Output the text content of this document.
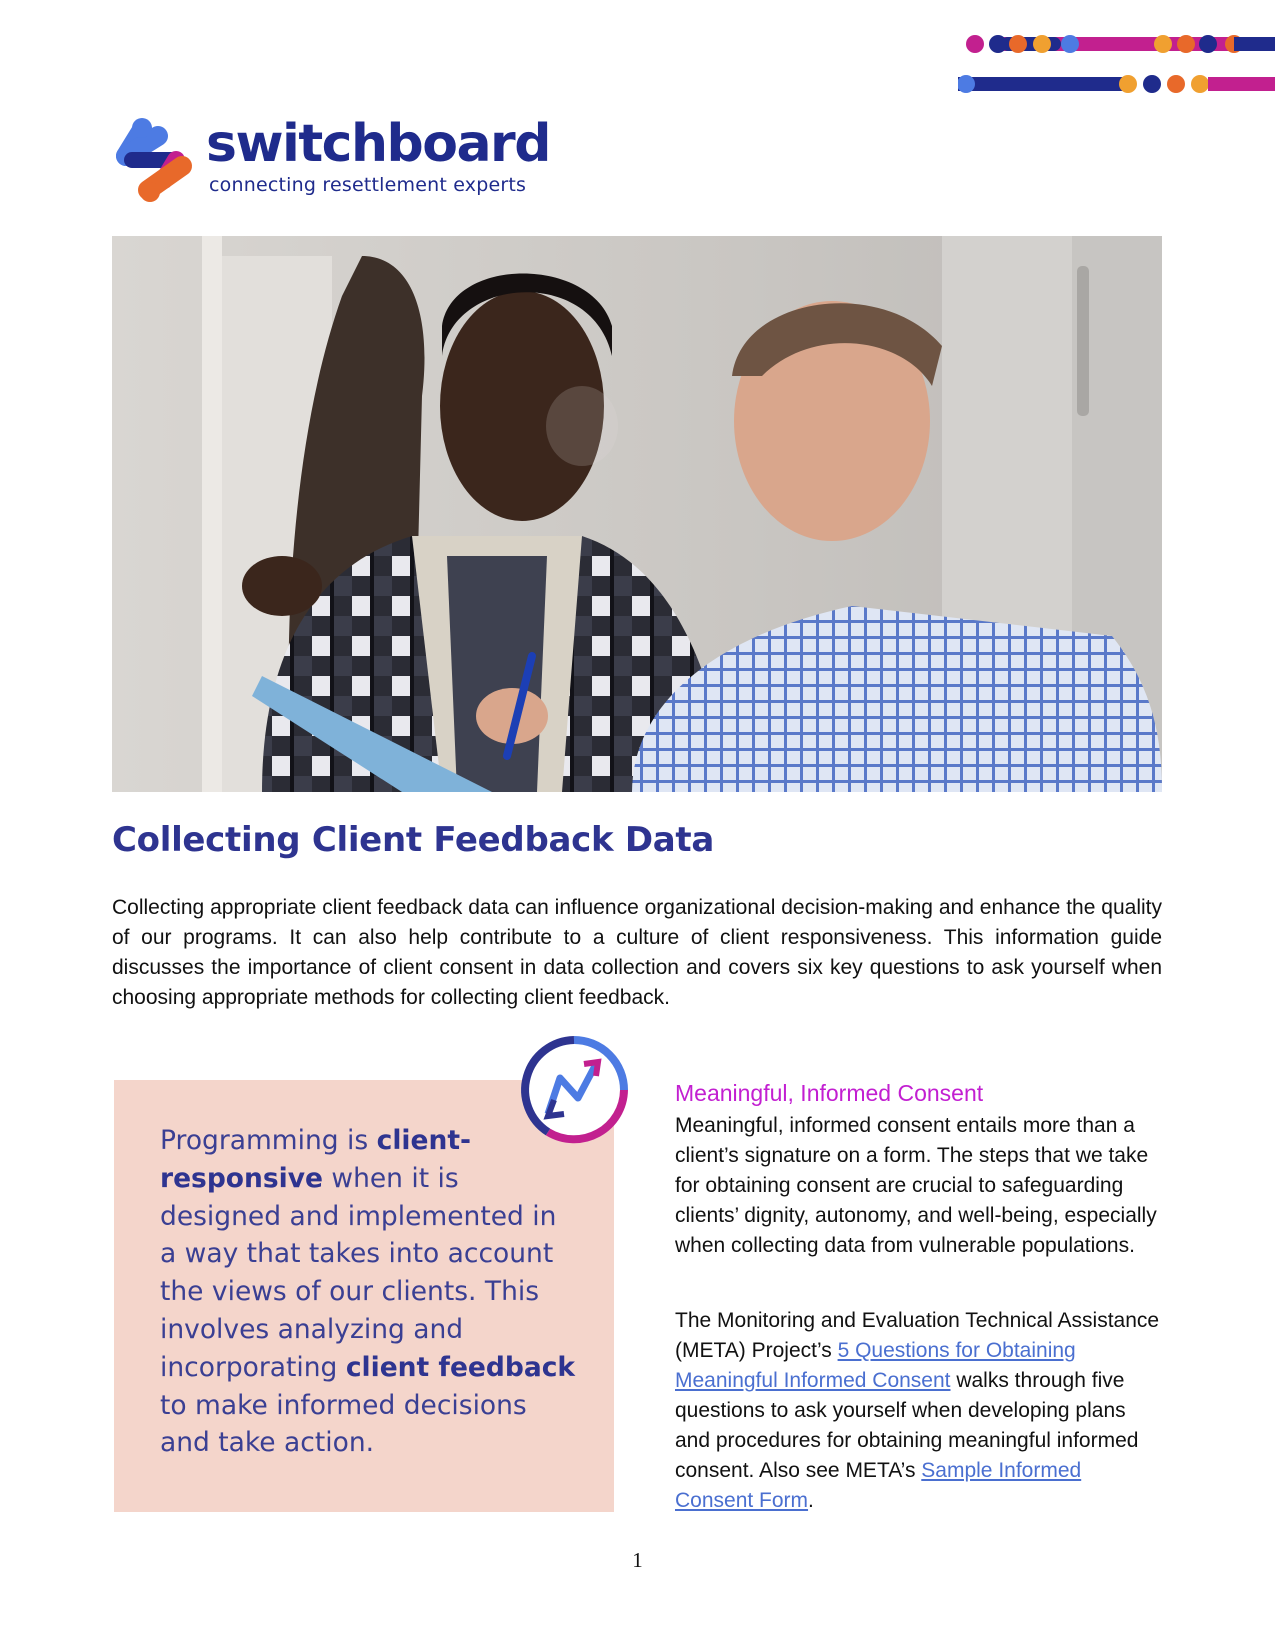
switchboard
connecting resettlement experts
Collecting Client Feedback Data

Collecting appropriate client feedback data can influence organizational decision-making and enhance the quality of our programs. It can also help contribute to a culture of client responsiveness. This information guide discusses the importance of client consent in data collection and covers six key questions to ask yourself when choosing appropriate methods for collecting client feedback.

Programming is client-responsive when it is designed and implemented in a way that takes into account the views of our clients. This involves analyzing and incorporating client feedback to make informed decisions and take action.

Meaningful, Informed Consent

Meaningful, informed consent entails more than a client’s signature on a form. The steps that we take for obtaining consent are crucial to safeguarding clients’ dignity, autonomy, and well-being, especially when collecting data from vulnerable populations.

The Monitoring and Evaluation Technical Assistance (META) Project’s 5 Questions for Obtaining Meaningful Informed Consent walks through five questions to ask yourself when developing plans and procedures for obtaining meaningful informed consent. Also see META’s Sample Informed Consent Form.

1
